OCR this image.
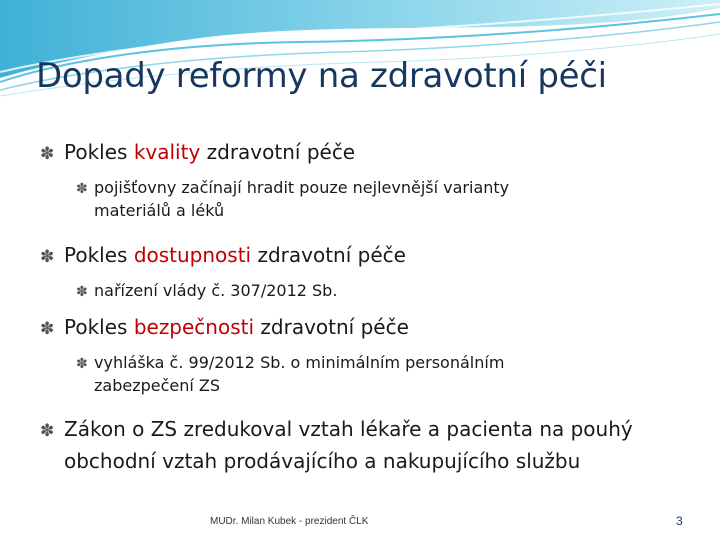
Dopady reformy na zdravotní péči
✽ Pokles kvality zdravotní péče
✽ pojišťovny začínají hradit pouze nejlevnější varianty
materiálů a léků
✽ Pokles dostupnosti zdravotní péče
✽ nařízení vlády č. 307/2012 Sb.
✽ Pokles bezpečnosti zdravotní péče
✽ vyhláška č. 99/2012 Sb. o minimálním personálním
zabezpečení ZS
✽ Zákon o ZS zredukoval vztah lékaře a pacienta na pouhý
obchodní vztah prodávajícího a nakupujícího službu
MUDr. Milan Kubek - prezident ČLK	3
